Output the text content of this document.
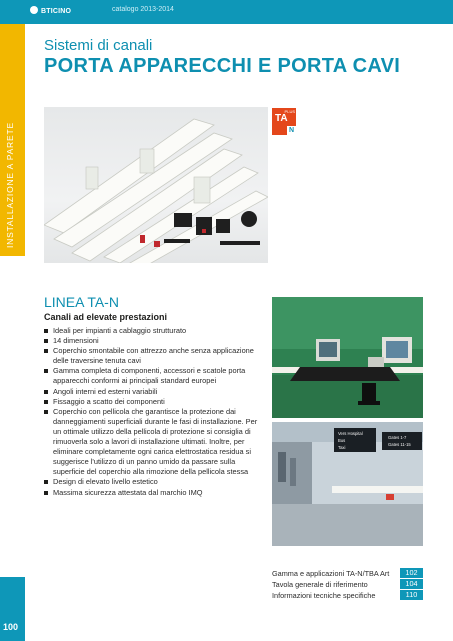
BTICINO	catalogo 2013-2014
INSTALLAZIONE A PARETE
100
Sistemi di canali
PORTA APPARECCHI E PORTA CAVI
TA
PLUS
N
LINEA TA-N
Canali ad elevate prestazioni
Ideali per impianti a cablaggio strutturato
14 dimensioni
Coperchio smontabile con attrezzo anche senza applicazione delle traversine tenuta cavi
Gamma completa di componenti, accessori e scatole porta apparecchi conformi ai principali standard europei
Angoli interni ed esterni variabili
Fissaggio a scatto dei componenti
Coperchio con pellicola che garantisce la protezione dai danneggiamenti superficiali durante le fasi di installazione. Per un ottimale utilizzo della pellicola di protezione si consiglia di rimuoverla solo a lavori di installazione ultimati. Inoltre, per eliminare completamente ogni carica elettrostatica residua si suggerisce l'utilizzo di un panno umido da passare sulla superficie del coperchio alla rimozione della pellicola stessa
Design di elevato livello estetico
Massima sicurezza attestata dal marchio IMQ
Vers Hospital
Bus
Taxi
Gates 1-7
Gates 11-15
Gamma e applicazioni TA-N/TBA Art	102
Tavola generale di riferimento	104
Informazioni tecniche specifiche	110
